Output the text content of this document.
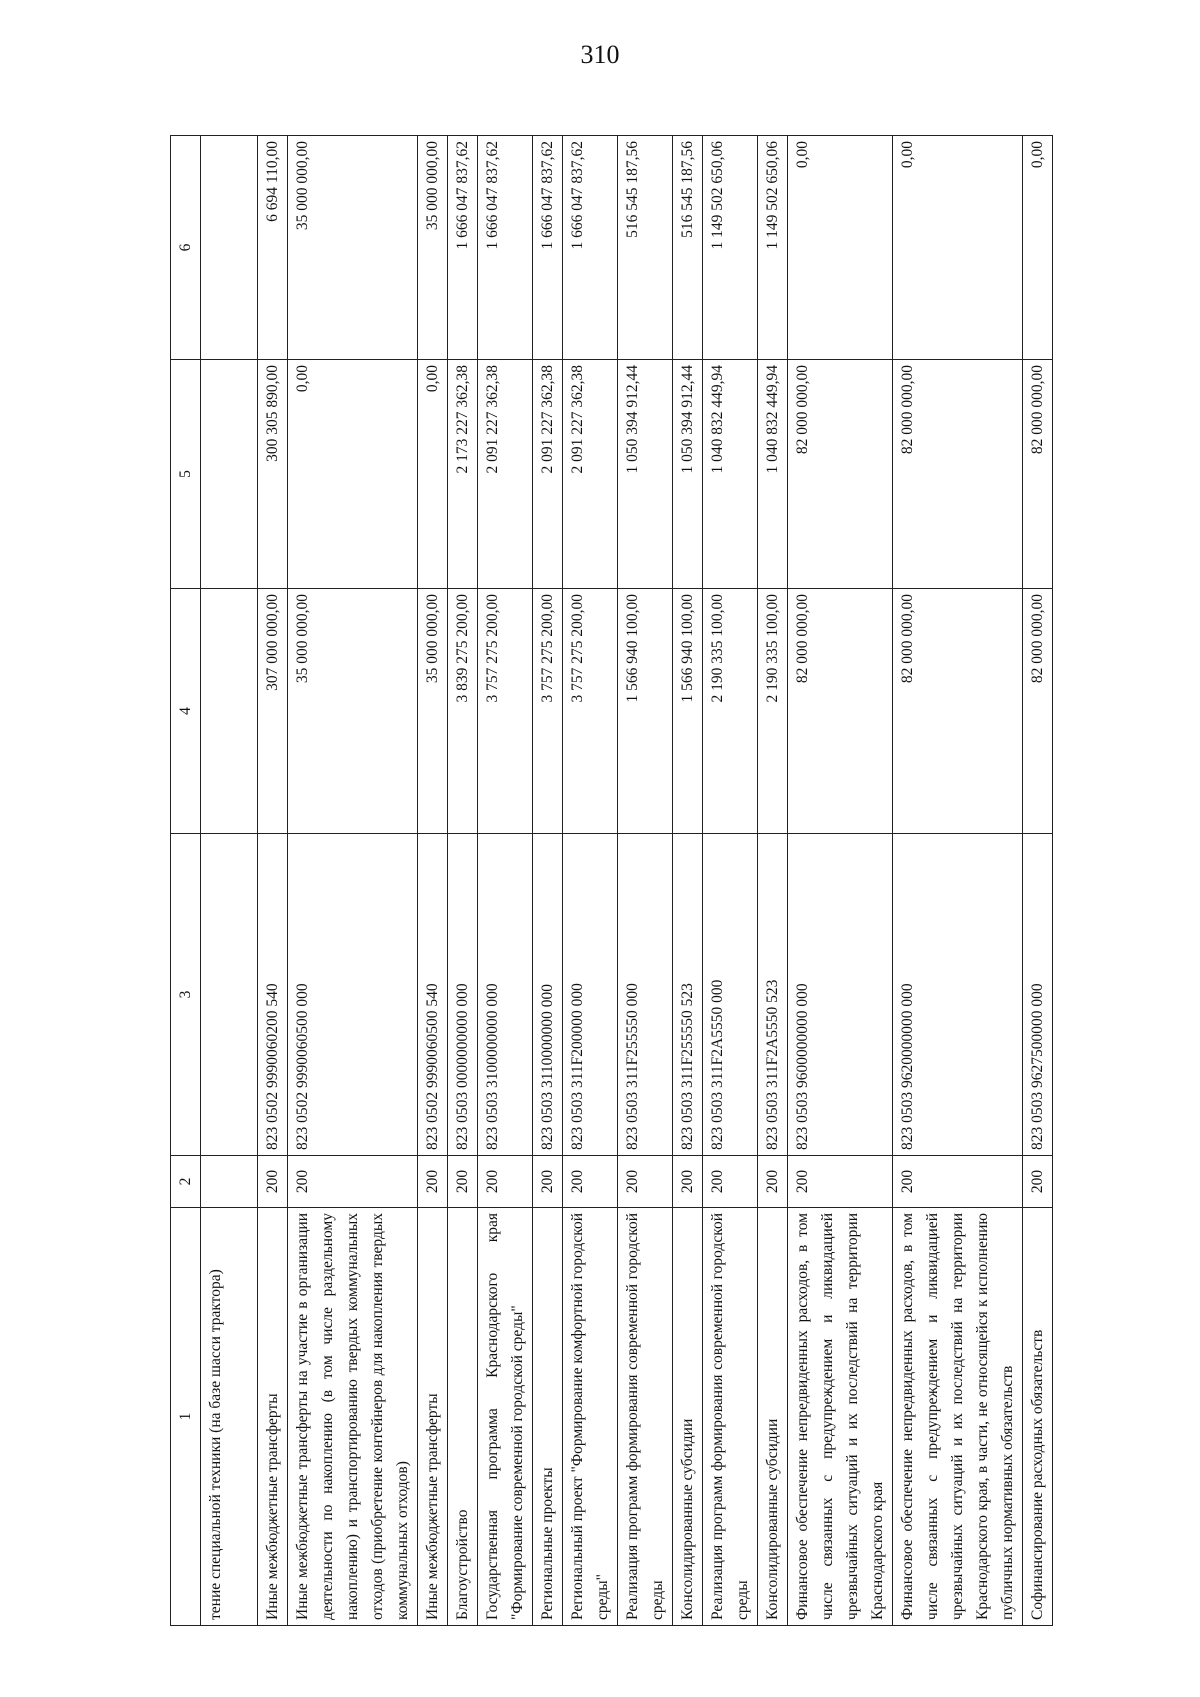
310
1	2	3	4	5	6
тение специальной техники (на базе шасси трактора)					
Иные межбюджетные трансферты	200	823 0502 9990060200 540	307 000 000,00	300 305 890,00	6 694 110,00
Иные межбюджетные трансферты на участие в организации деятельности по накоплению (в том числе раздельному накоплению) и транспортированию твердых коммунальных отходов (приобретение контейнеров для накопления твердых коммунальных отходов)	200	823 0502 9990060500 000	35 000 000,00	0,00	35 000 000,00
Иные межбюджетные трансферты	200	823 0502 9990060500 540	35 000 000,00	0,00	35 000 000,00
Благоустройство	200	823 0503 0000000000 000	3 839 275 200,00	2 173 227 362,38	1 666 047 837,62
Государственная программа Краснодарского края "Формирование современной городской среды"	200	823 0503 3100000000 000	3 757 275 200,00	2 091 227 362,38	1 666 047 837,62
Региональные проекты	200	823 0503 3110000000 000	3 757 275 200,00	2 091 227 362,38	1 666 047 837,62
Региональный проект "Формирование комфортной городской среды"	200	823 0503 311F200000 000	3 757 275 200,00	2 091 227 362,38	1 666 047 837,62
Реализация программ формирования современной городской среды	200	823 0503 311F255550 000	1 566 940 100,00	1 050 394 912,44	516 545 187,56
Консолидированные субсидии	200	823 0503 311F255550 523	1 566 940 100,00	1 050 394 912,44	516 545 187,56
Реализация программ формирования современной городской среды	200	823 0503 311F2A5550 000	2 190 335 100,00	1 040 832 449,94	1 149 502 650,06
Консолидированные субсидии	200	823 0503 311F2A5550 523	2 190 335 100,00	1 040 832 449,94	1 149 502 650,06
Финансовое обеспечение непредвиденных расходов, в том числе связанных с предупреждением и ликвидацией чрезвычайных ситуаций и их последствий на территории Краснодарского края	200	823 0503 9600000000 000	82 000 000,00	82 000 000,00	0,00
Финансовое обеспечение непредвиденных расходов, в том числе связанных с предупреждением и ликвидацией чрезвычайных ситуаций и их последствий на территории Краснодарского края, в части, не относящейся к исполнению публичных нормативных обязательств	200	823 0503 9620000000 000	82 000 000,00	82 000 000,00	0,00
Софинансирование расходных обязательств	200	823 0503 9627500000 000	82 000 000,00	82 000 000,00	0,00
